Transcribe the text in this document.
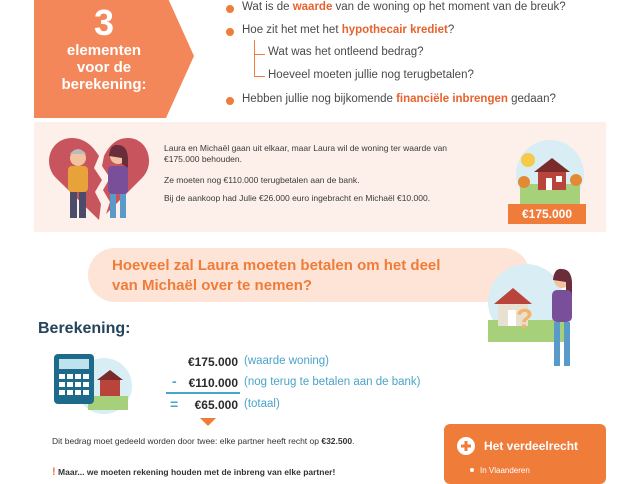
3
elementen
voor de
berekening:
Wat is de waarde van de woning op het moment van de breuk?
Hoe zit het met het hypothecair krediet?
Wat was het ontleend bedrag?
Hoeveel moeten jullie nog terugbetalen?
Hebben jullie nog bijkomende financiële inbrengen gedaan?
Laura en Michaël gaan uit elkaar, maar Laura wil de woning ter waarde van
€175.000 behouden.
Ze moeten nog €110.000 terugbetalen aan de bank.
Bij de aankoop had Julie €26.000 euro ingebracht en Michaël €10.000.
€175.000
Hoeveel zal Laura moeten betalen om het deel
van Michaël over te nemen?
?
Berekening:
€175.000 (waarde woning)
- €110.000 (nog terug te betalen aan de bank)
=	€65.000 (totaal)
Dit bedrag moet gedeeld worden door twee: elke partner heeft recht op €32.500.
! Maar... we moeten rekening houden met de inbreng van elke partner!
Het verdeelrecht
In Vlaanderen
